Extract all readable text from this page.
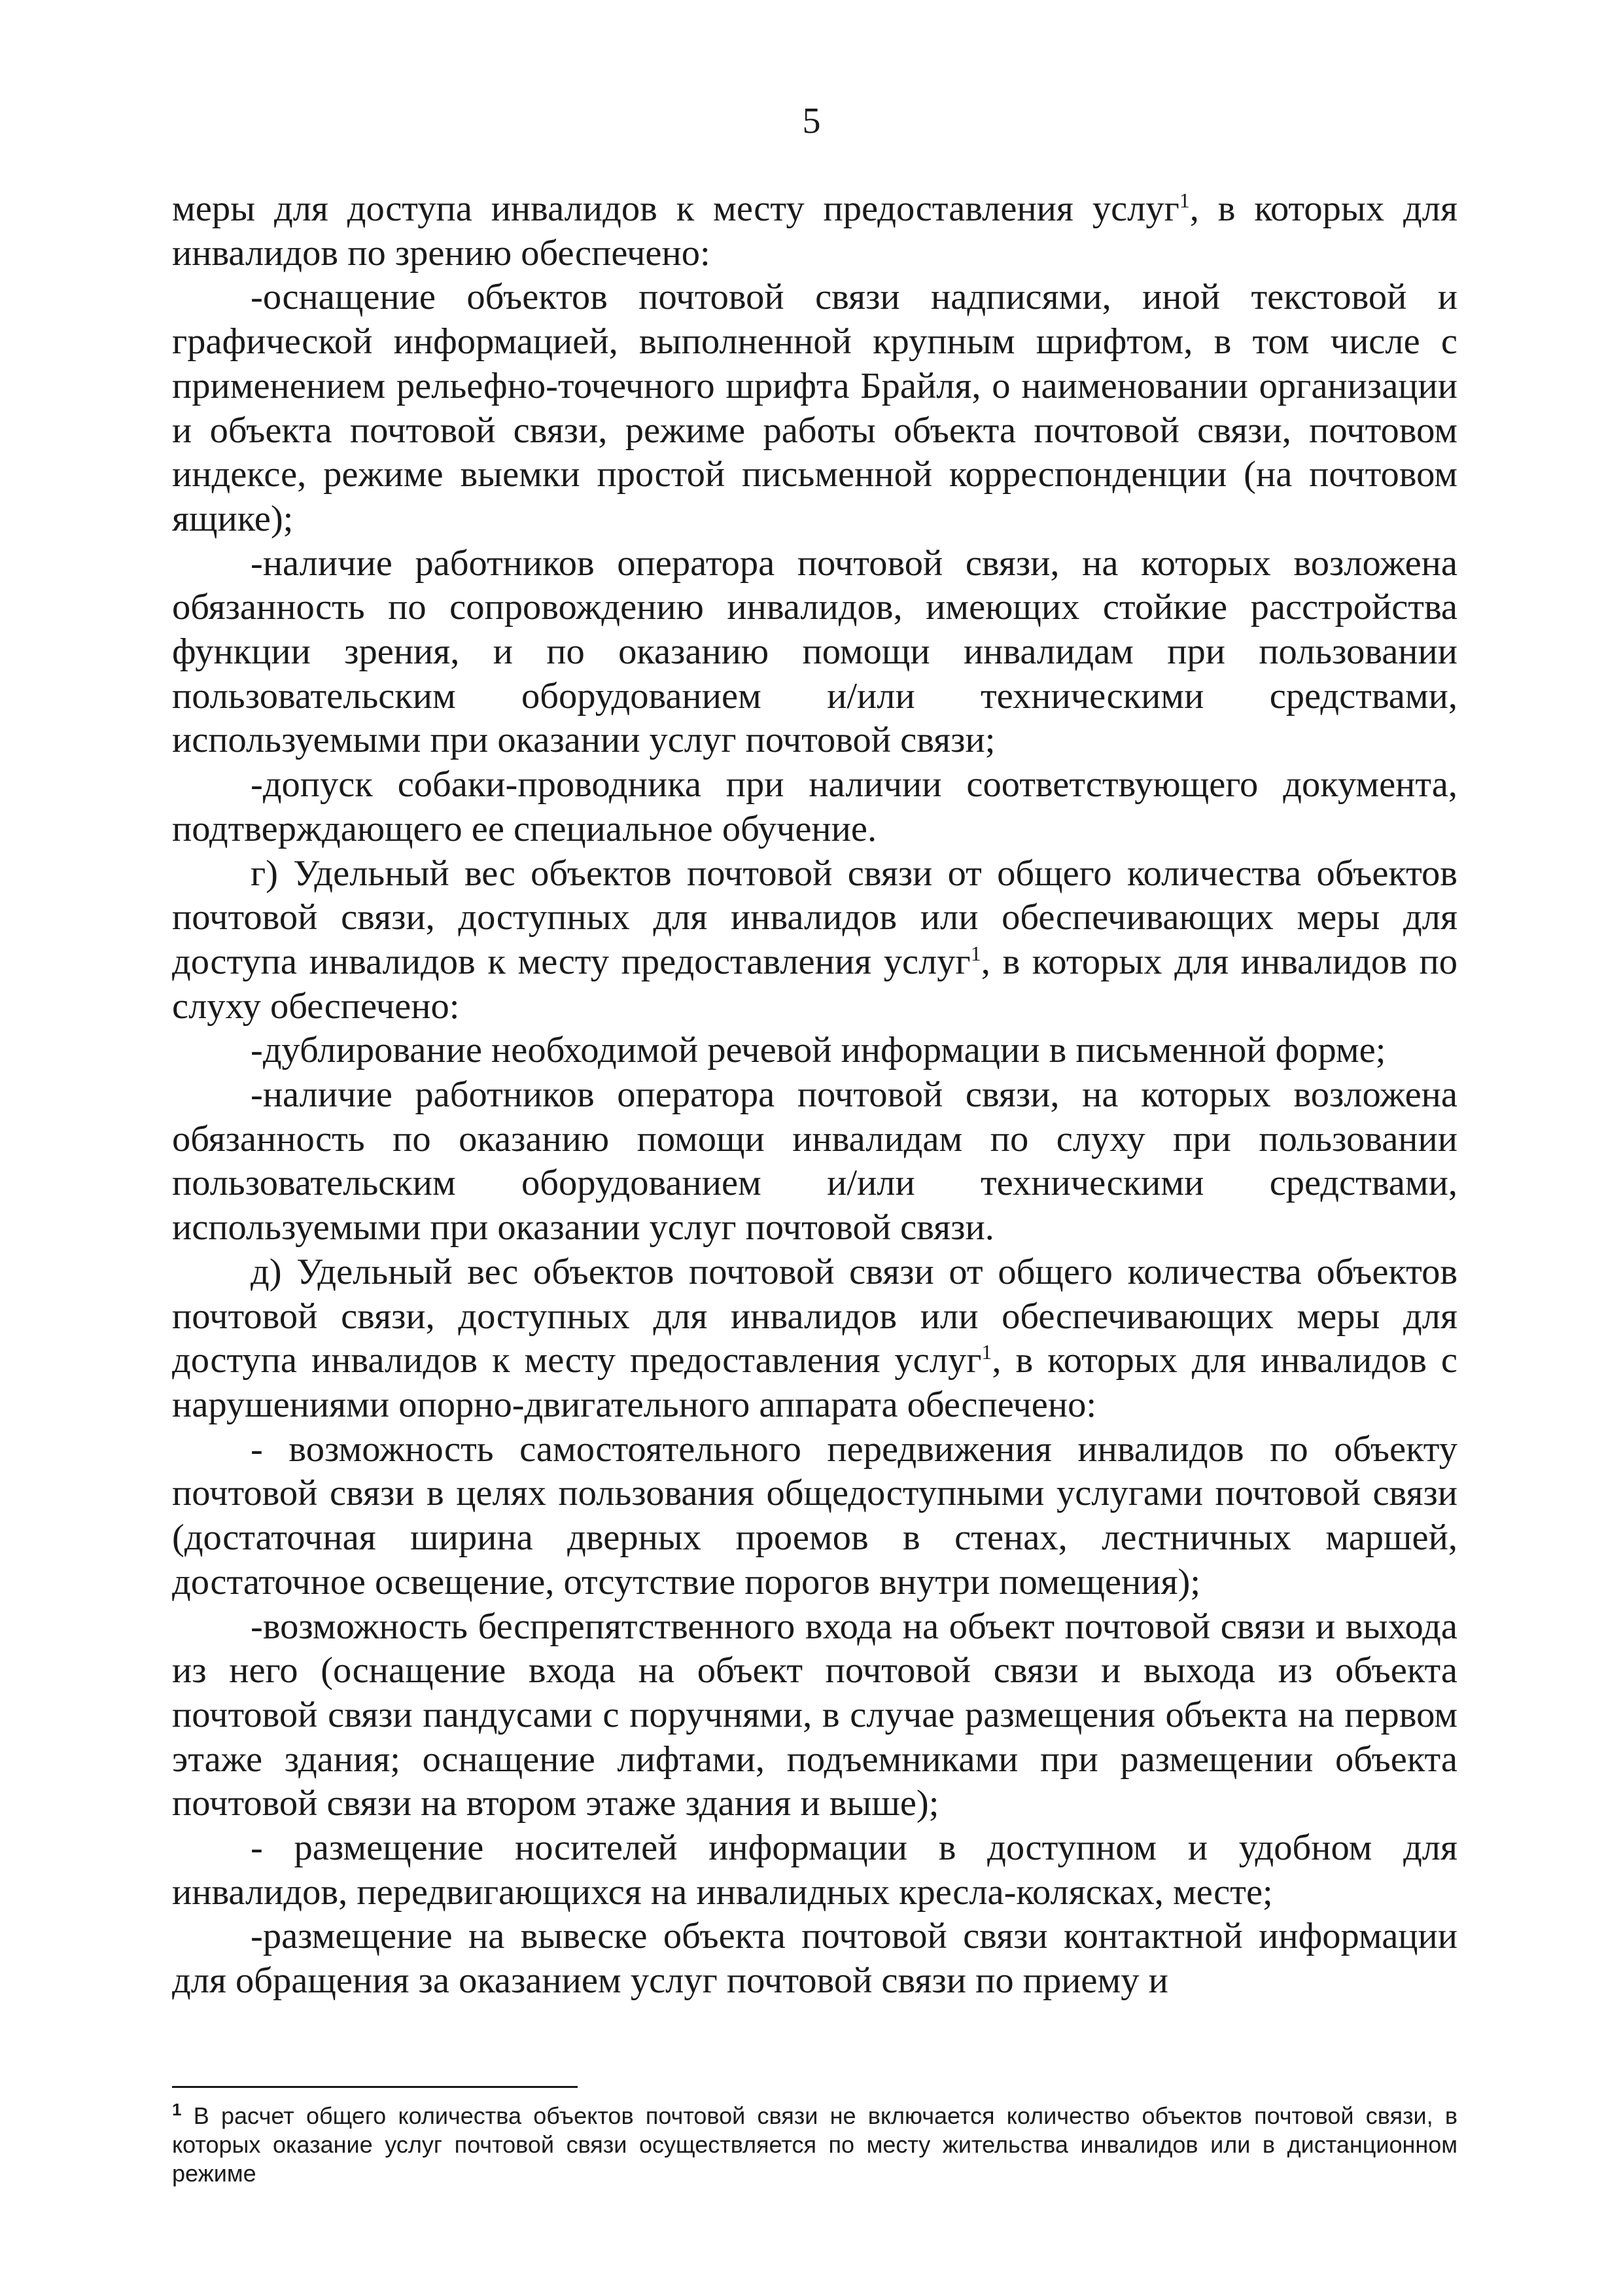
5

меры для доступа инвалидов к месту предоставления услуг$^1$, в которых для инвалидов по зрению обеспечено:

-оснащение объектов почтовой связи надписями, иной текстовой и графической информацией, выполненной крупным шрифтом, в том числе с применением рельефно-точечного шрифта Брайля, о наименовании организации и объекта почтовой связи, режиме работы объекта почтовой связи, почтовом индексе, режиме выемки простой письменной корреспонденции (на почтовом ящике);

-наличие работников оператора почтовой связи, на которых возложена обязанность по сопровождению инвалидов, имеющих стойкие расстройства функции зрения, и по оказанию помощи инвалидам при пользовании пользовательским оборудованием и/или техническими средствами, используемыми при оказании услуг почтовой связи;

-допуск собаки-проводника при наличии соответствующего документа, подтверждающего ее специальное обучение.

г) Удельный вес объектов почтовой связи от общего количества объектов почтовой связи, доступных для инвалидов или обеспечивающих меры для доступа инвалидов к месту предоставления услуг$^1$, в которых для инвалидов по слуху обеспечено:

-дублирование необходимой речевой информации в письменной форме;

-наличие работников оператора почтовой связи, на которых возложена обязанность по оказанию помощи инвалидам по слуху при пользовании пользовательским оборудованием и/или техническими средствами, используемыми при оказании услуг почтовой связи.

д) Удельный вес объектов почтовой связи от общего количества объектов почтовой связи, доступных для инвалидов или обеспечивающих меры для доступа инвалидов к месту предоставления услуг$^1$, в которых для инвалидов с нарушениями опорно-двигательного аппарата обеспечено:

- возможность самостоятельного передвижения инвалидов по объекту почтовой связи в целях пользования общедоступными услугами почтовой связи (достаточная ширина дверных проемов в стенах, лестничных маршей, достаточное освещение, отсутствие порогов внутри помещения);

-возможность беспрепятственного входа на объект почтовой связи и выхода из него (оснащение входа на объект почтовой связи и выхода из объекта почтовой связи пандусами с поручнями, в случае размещения объекта на первом этаже здания; оснащение лифтами, подъемниками при размещении объекта почтовой связи на втором этаже здания и выше);

- размещение носителей информации в доступном и удобном для инвалидов, передвигающихся на инвалидных кресла-колясках, месте;

-размещение на вывеске объекта почтовой связи контактной информации для обращения за оказанием услуг почтовой связи по приему и

$^1$ В расчет общего количества объектов почтовой связи не включается количество объектов почтовой связи, в которых оказание услуг почтовой связи осуществляется по месту жительства инвалидов или в дистанционном режиме
